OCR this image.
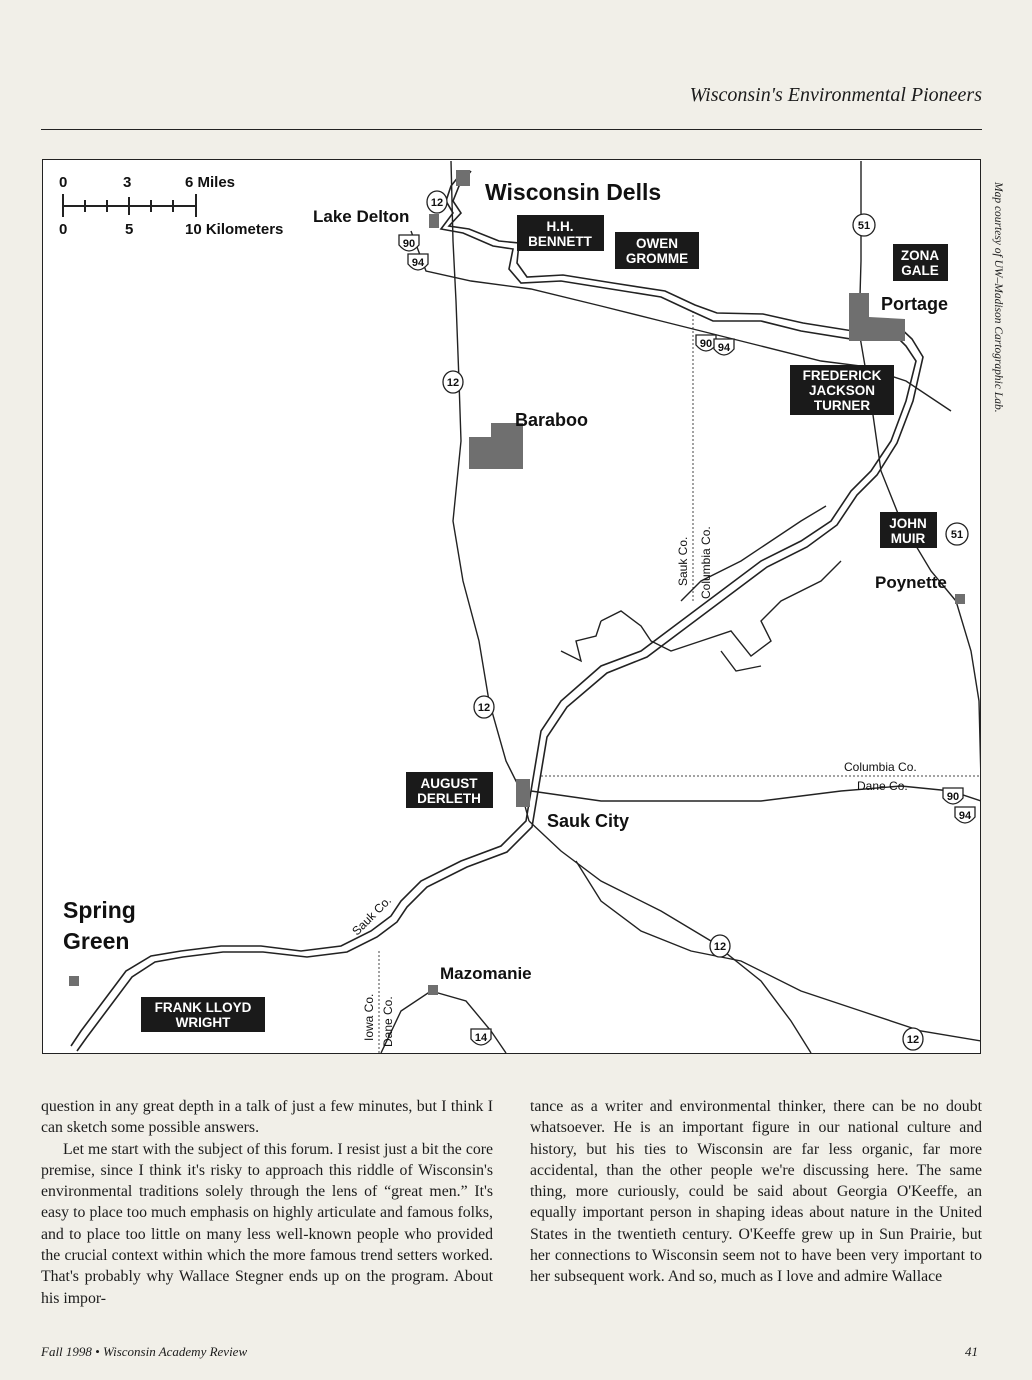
Wisconsin's Environmental Pioneers
0	3	6 Miles
0	5	10 Kilometers
Wisconsin Dells
Lake Delton
Portage
Baraboo
Poynette
Sauk City
Spring
Green
Mazomanie
Sauk Co. Columbia Co.
Columbia Co.
Dane Co.
Sauk Co.
Iowa Co. Dane Co.
H.H.
BENNETT	OWEN
GROMME	ZONA
GALE
FREDERICK
JACKSON
TURNER
JOHN
MUIR
AUGUST
DERLETH
FRANK LLOYD
WRIGHT
12
90
94
51
90 94
12
51
12
90
94
12
14	12
Map courtesy of UW–Madison Cartographic Lab.

question in any great depth in a talk of just a few minutes, but I think I can sketch some possible answers.

Let me start with the subject of this forum. I resist just a bit the core premise, since I think it's risky to approach this riddle of Wisconsin's environmental traditions solely through the lens of “great men.” It's easy to place too much emphasis on highly articulate and famous folks, and to place too little on many less well-known people who provided the crucial context within which the more famous trend setters worked. That's probably why Wallace Stegner ends up on the program. About his impor-

tance as a writer and environmental thinker, there can be no doubt whatsoever. He is an important figure in our national culture and history, but his ties to Wisconsin are far less organic, far more accidental, than the other people we're discussing here. The same thing, more curiously, could be said about Georgia O'Keeffe, an equally important person in shaping ideas about nature in the United States in the twentieth century. O'Keeffe grew up in Sun Prairie, but her connections to Wisconsin seem not to have been very important to her subsequent work. And so, much as I love and admire Wallace

Fall 1998 • Wisconsin Academy Review	41
